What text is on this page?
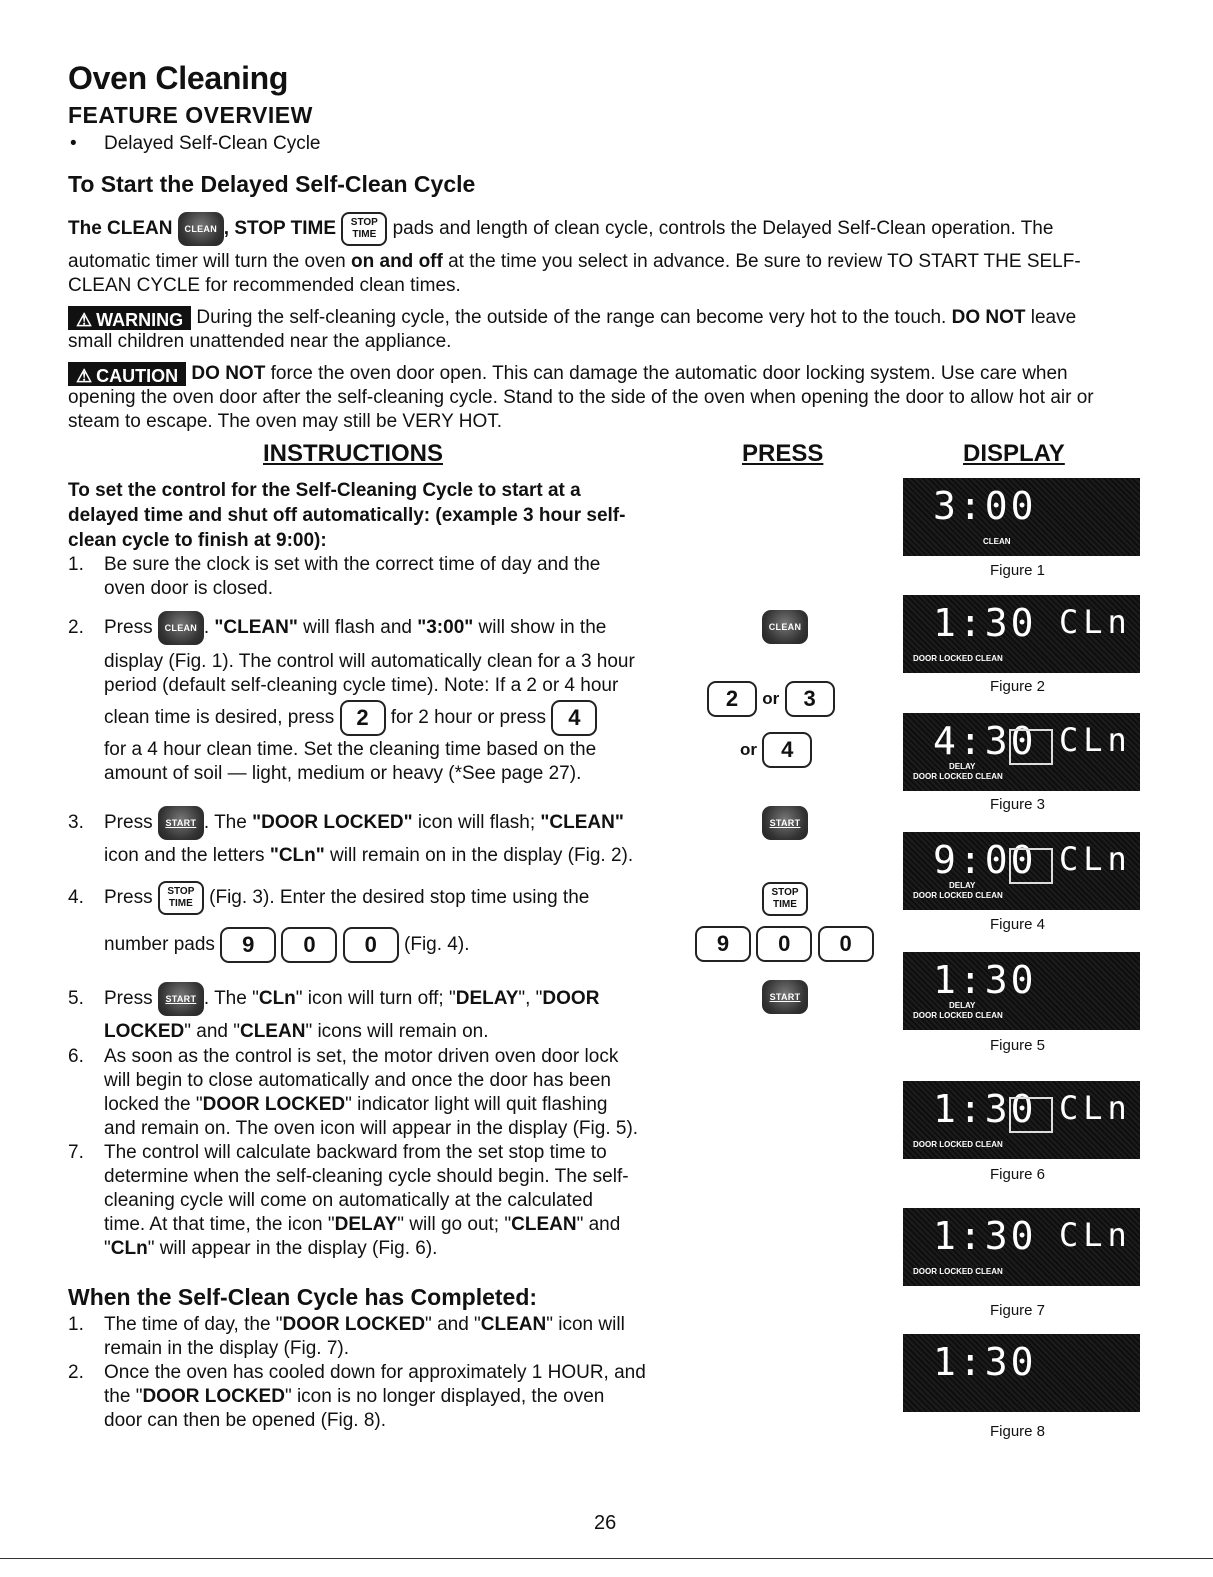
Oven Cleaning
FEATURE OVERVIEW
• Delayed Self-Clean Cycle
To Start the Delayed Self-Clean Cycle
The CLEAN CLEAN , STOP TIME STOP
TIME pads and length of clean cycle, controls the Delayed Self-Clean operation. The
automatic timer will turn the oven on and off at the time you select in advance. Be sure to review TO START THE SELF-
CLEAN CYCLE for recommended clean times.
⚠ WARNING During the self-cleaning cycle, the outside of the range can become very hot to the touch. DO NOT leave
small children unattended near the appliance.
⚠ CAUTION DO NOT force the oven door open. This can damage the automatic door locking system. Use care when
opening the oven door after the self-cleaning cycle. Stand to the side of the oven when opening the door to allow hot air or
steam to escape. The oven may still be VERY HOT.
INSTRUCTIONS	PRESS	DISPLAY
To set the control for the Self-Cleaning Cycle to start at a
delayed time and shut off automatically: (example 3 hour self-
clean cycle to finish at 9:00):
1. Be sure the clock is set with the correct time of day and the
oven door is closed.
2. Press CLEAN . "CLEAN" will flash and "3:00" will show in the
display (Fig. 1). The control will automatically clean for a 3 hour
period (default self-cleaning cycle time). Note: If a 2 or 4 hour
clean time is desired, press 2 for 2 hour or press 4
for a 4 hour clean time. Set the cleaning time based on the
amount of soil — light, medium or heavy (*See page 27).
3. Press START . The "DOOR LOCKED" icon will flash; "CLEAN"
icon and the letters "CLn" will remain on in the display (Fig. 2).
4. Press STOP
TIME (Fig. 3). Enter the desired stop time using the
number pads 9 0 0 (Fig. 4).
5. Press START . The "CLn" icon will turn off; "DELAY", "DOOR
LOCKED" and "CLEAN" icons will remain on.
6. As soon as the control is set, the motor driven oven door lock
will begin to close automatically and once the door has been
locked the "DOOR LOCKED" indicator light will quit flashing
and remain on. The oven icon will appear in the display (Fig. 5).
7. The control will calculate backward from the set stop time to
determine when the self-cleaning cycle should begin. The self-
cleaning cycle will come on automatically at the calculated
time. At that time, the icon "DELAY" will go out; "CLEAN" and
"CLn" will appear in the display (Fig. 6).
When the Self-Clean Cycle has Completed:
1. The time of day, the "DOOR LOCKED" and "CLEAN" icon will
remain in the display (Fig. 7).
2. Once the oven has cooled down for approximately 1 HOUR, and
the "DOOR LOCKED" icon is no longer displayed, the oven
door can then be opened (Fig. 8).
CLEAN
2 or 3
or 4
START
STOP
TIME
9 0 0
START
3:00
CLEAN
Figure 1
1:30 CLn
DOOR LOCKED CLEAN
Figure 2
4:30 CLn
DELAY
DOOR LOCKED CLEAN
Figure 3
9:00 CLn
DELAY
DOOR LOCKED CLEAN
Figure 4
1:30
DELAY
DOOR LOCKED CLEAN
Figure 5
1:30 CLn
DOOR LOCKED CLEAN
Figure 6
1:30 CLn
DOOR LOCKED CLEAN
Figure 7
1:30
Figure 8
26
